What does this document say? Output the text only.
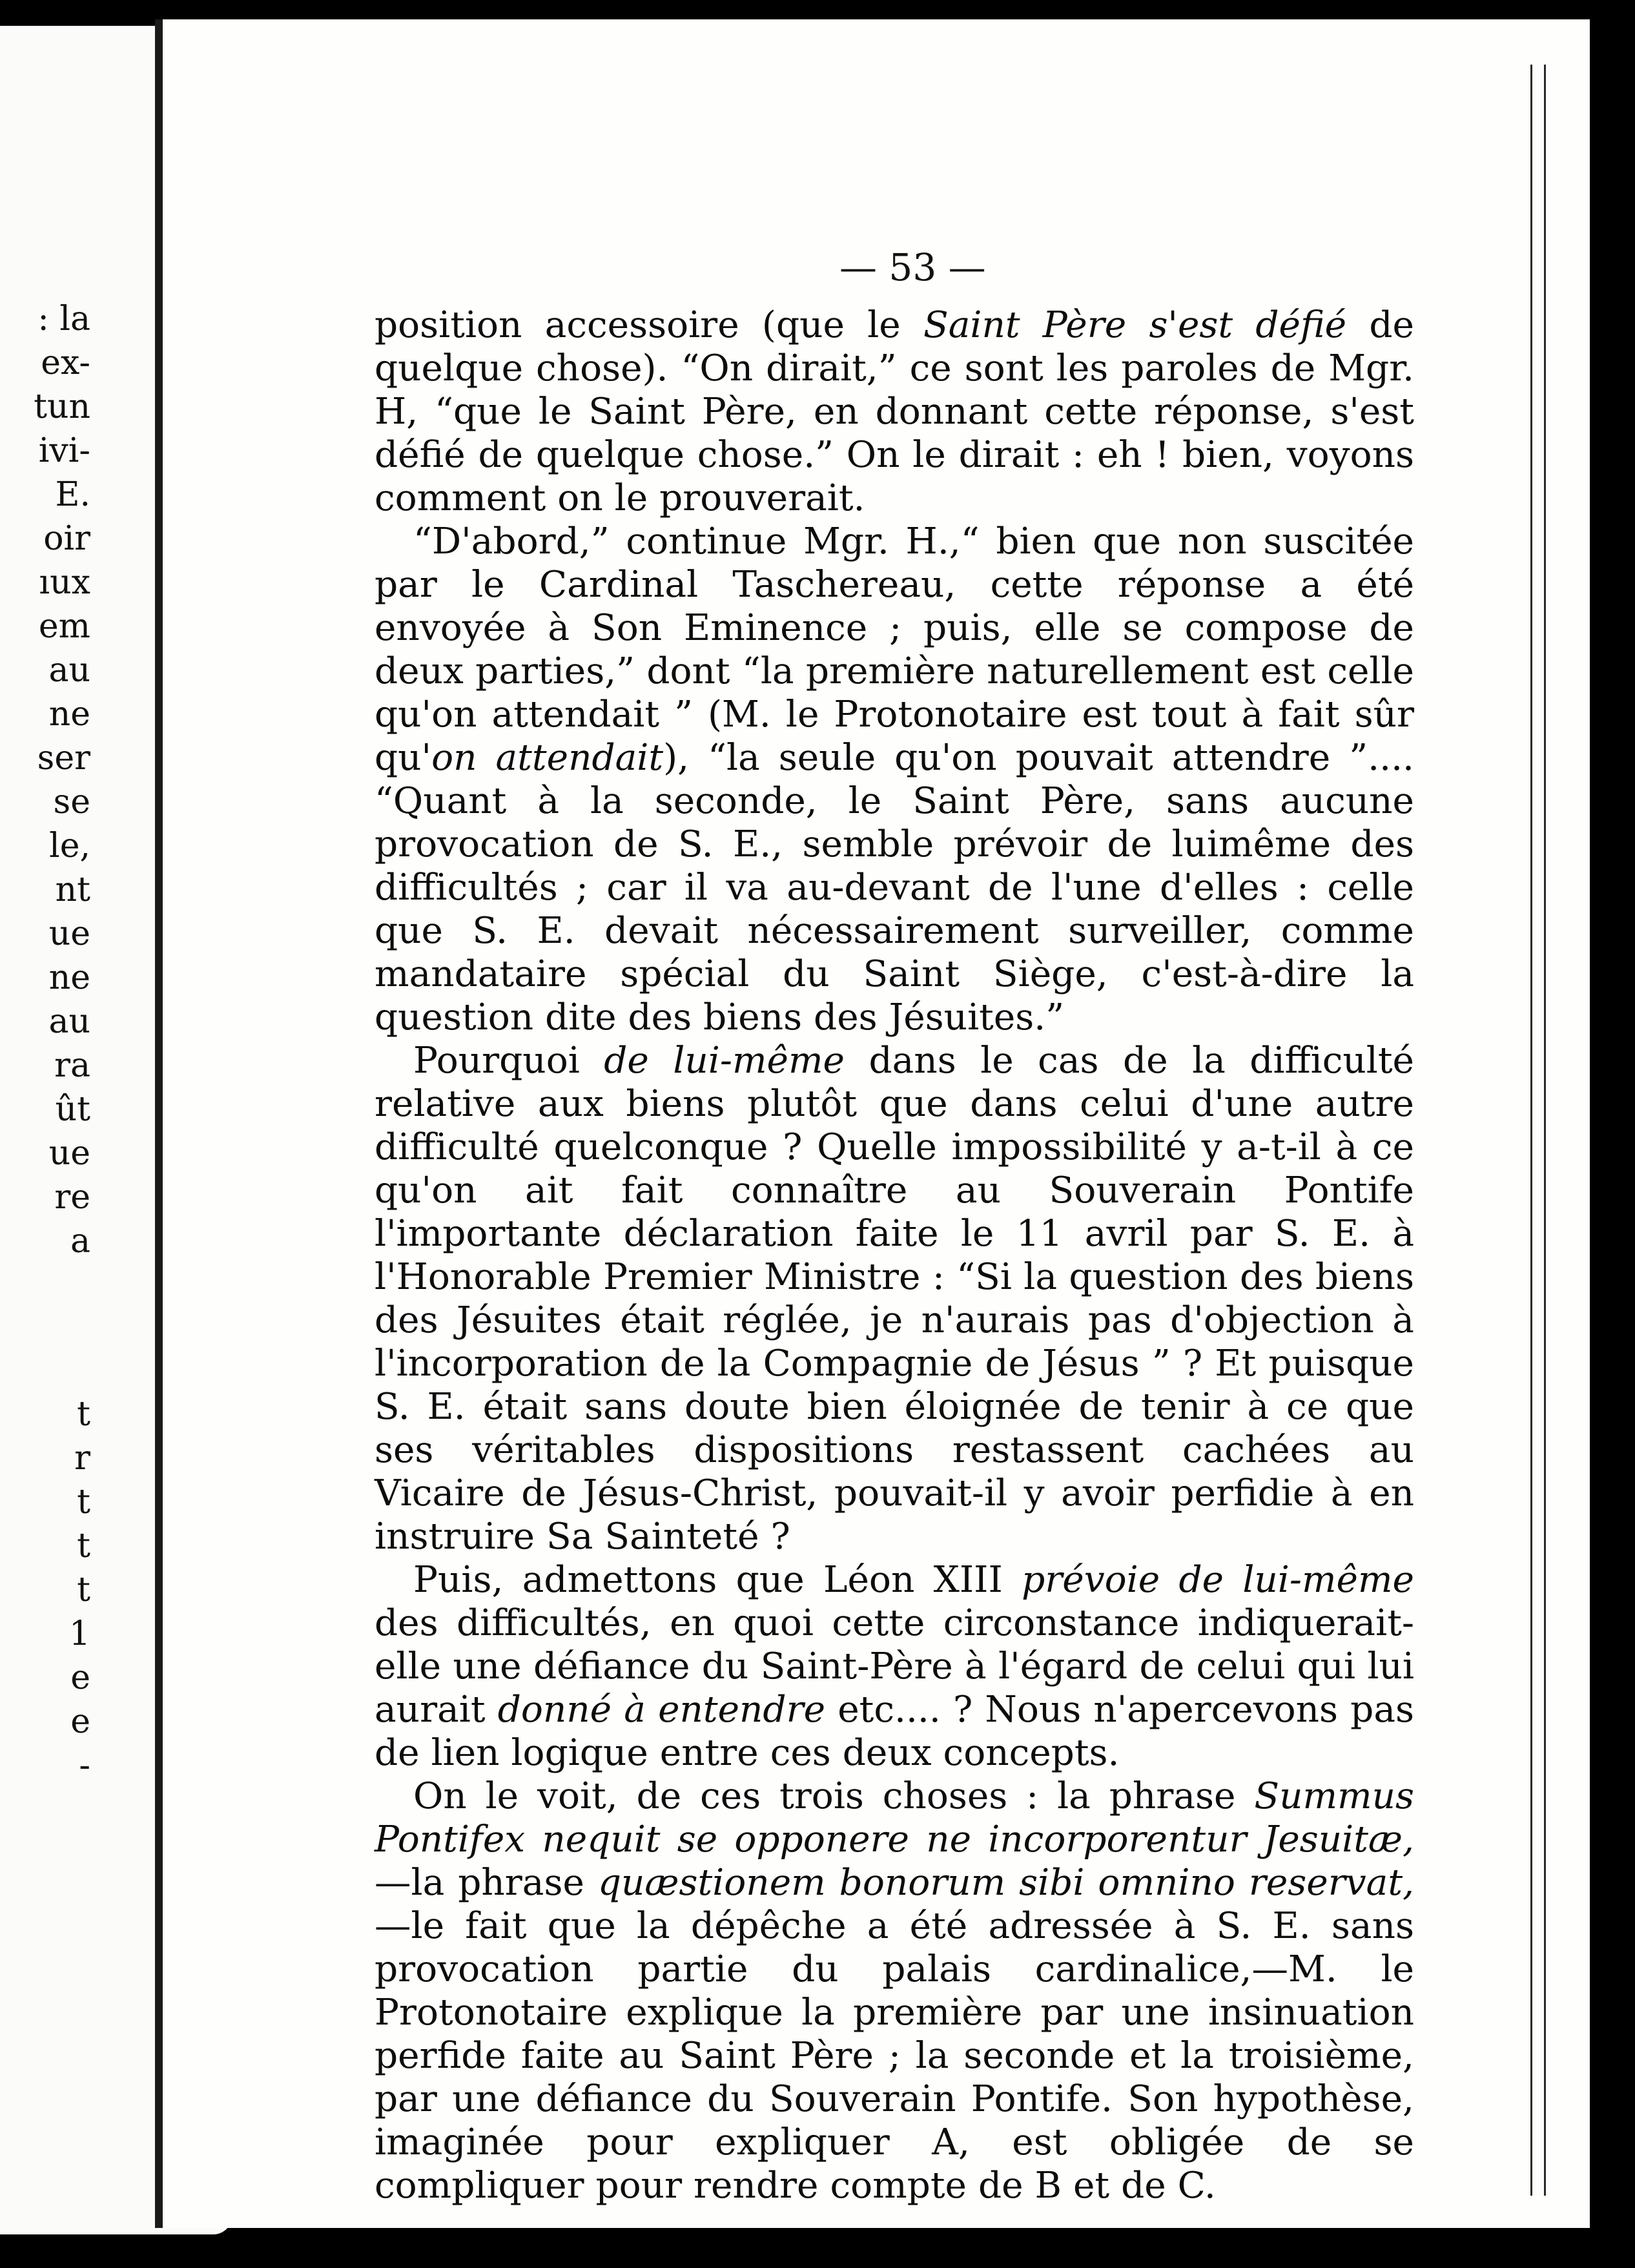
: la
ex-
tun
ivi-
E.
oir
ıux
em
au
ne
ser
se
le,
nt
ue
ne
au
ra
ût
ue
re
a
t
r
t
t
t
1
e
e
-
— 53 —

position accessoire (que le Saint Père s'est défié de quelque chose). “On dirait,” ce sont les paroles de Mgr. H, “que le Saint Père, en donnant cette réponse, s'est défié de quelque chose.” On le dirait : eh ! bien, voyons comment on le prouverait.

“D'abord,” continue Mgr. H.,“ bien que non suscitée par le Cardinal Taschereau, cette réponse a été envoyée à Son Eminence ; puis, elle se compose de deux parties,” dont “la première naturellement est celle qu'on attendait ” (M. le Protonotaire est tout à fait sûr qu'on attendait), “la seule qu'on pouvait attendre ”.... “Quant à la seconde, le Saint Père, sans aucune provocation de S. E., semble prévoir de luimême des difficultés ; car il va au-devant de l'une d'elles : celle que S. E. devait nécessairement surveiller, comme mandataire spécial du Saint Siège, c'est-à-dire la question dite des biens des Jésuites.”

Pourquoi de lui-même dans le cas de la difficulté relative aux biens plutôt que dans celui d'une autre difficulté quelconque ? Quelle impossibilité y a-t-il à ce qu'on ait fait connaître au Souverain Pontife l'importante déclaration faite le 11 avril par S. E. à l'Honorable Premier Ministre : “Si la question des biens des Jésuites était réglée, je n'aurais pas d'objection à l'incorporation de la Compagnie de Jésus ” ? Et puisque S. E. était sans doute bien éloignée de tenir à ce que ses véritables dispositions restassent cachées au Vicaire de Jésus-Christ, pouvait-il y avoir perfidie à en instruire Sa Sainteté ?

Puis, admettons que Léon XIII prévoie de lui-même des difficultés, en quoi cette circonstance indiquerait-elle une défiance du Saint-Père à l'égard de celui qui lui aurait donné à entendre etc.... ? Nous n'apercevons pas de lien logique entre ces deux concepts.

On le voit, de ces trois choses : la phrase Summus Pontifex nequit se opponere ne incorporentur Jesuitæ,—la phrase quæstionem bonorum sibi omnino reservat,—le fait que la dépêche a été adressée à S. E. sans provocation partie du palais cardinalice,—M. le Protonotaire explique la première par une insinuation perfide faite au Saint Père ; la seconde et la troisième, par une défiance du Souverain Pontife. Son hypothèse, imaginée pour expliquer A, est obligée de se compliquer pour rendre compte de B et de C.
